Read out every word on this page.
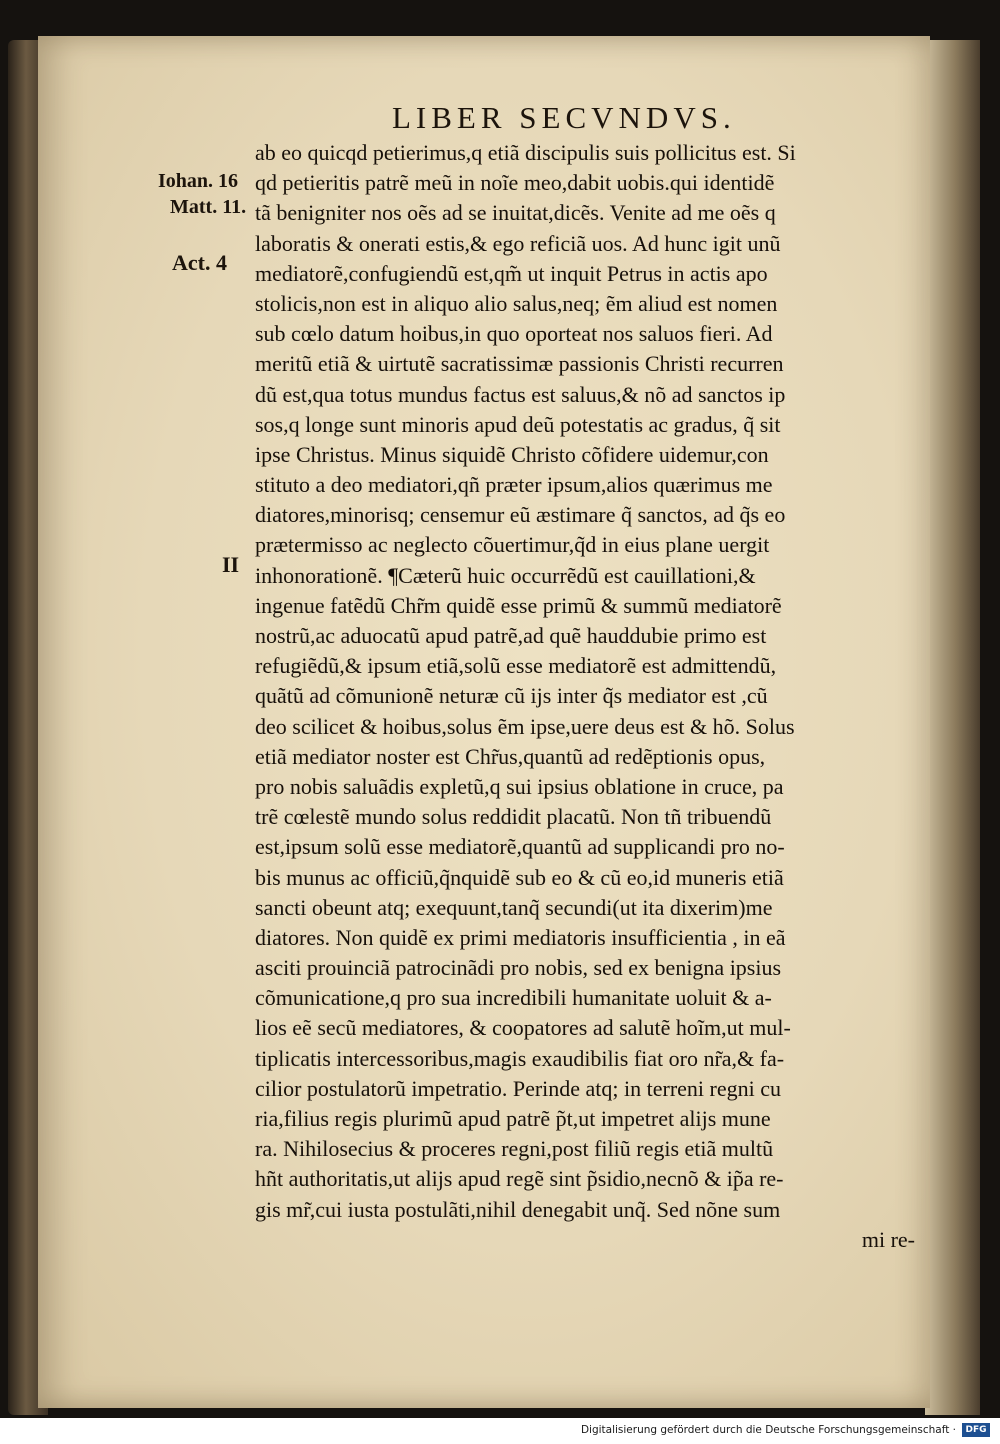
LIBER SECVNDVS.
Iohan. 16
Matt. 11.
Act. 4
II
ab eo quicqd petierimus,q etiã discipulis suis pollicitus est. Si
qd petieritis patrẽ meũ in noĩe meo,dabit uobis.qui identidẽ
tã benigniter nos oẽs ad se inuitat,dicẽs. Venite ad me oẽs q
laboratis & onerati estis,& ego reficiã uos. Ad hunc igit unũ
mediatorẽ,confugiendũ est,qm̃ ut inquit Petrus in actis apo
stolicis,non est in aliquo alio salus,neq; ẽm aliud est nomen
sub cœlo datum hoibus,in quo oporteat nos saluos fieri. Ad
meritũ etiã & uirtutẽ sacratissimæ passionis Christi recurren
dũ est,qua totus mundus factus est saluus,& nõ ad sanctos ip
sos,q longe sunt minoris apud deũ potestatis ac gradus, q̃ sit
ipse Christus. Minus siquidẽ Christo cõfidere uidemur,con
stituto a deo mediatori,qñ præter ipsum,alios quærimus me
diatores,minorisq; censemur eũ æstimare q̃ sanctos, ad q̃s eo
prætermisso ac neglecto cõuertimur,q̃d in eius plane uergit
inhonorationẽ. ¶Cæterũ huic occurrẽdũ est cauillationi,&
ingenue fatẽdũ Chr̃m quidẽ esse primũ & summũ mediatorẽ
nostrũ,ac aduocatũ apud patrẽ,ad quẽ hauddubie primo est
refugiẽdũ,& ipsum etiã,solũ esse mediatorẽ est admittendũ,
quãtũ ad cõmunionẽ neturæ cũ ijs inter q̃s mediator est ,cũ
deo scilicet & hoibus,solus ẽm ipse,uere deus est & hõ. Solus
etiã mediator noster est Chr̃us,quantũ ad redẽptionis opus,
pro nobis saluãdis expletũ,q sui ipsius oblatione in cruce, pa
trẽ cœlestẽ mundo solus reddidit placatũ. Non tñ tribuendũ
est,ipsum solũ esse mediatorẽ,quantũ ad supplicandi pro no-
bis munus ac officiũ,q̃nquidẽ sub eo & cũ eo,id muneris etiã
sancti obeunt atq; exequunt,tanq̃ secundi(ut ita dixerim)me
diatores. Non quidẽ ex primi mediatoris insufficientia , in eã
asciti prouinciã patrocinãdi pro nobis, sed ex benigna ipsius
cõmunicatione,q pro sua incredibili humanitate uoluit & a-
lios eẽ secũ mediatores, & coopatores ad salutẽ hoĩm,ut mul-
tiplicatis intercessoribus,magis exaudibilis fiat oro nr̃a,& fa-
cilior postulatorũ impetratio. Perinde atq; in terreni regni cu
ria,filius regis plurimũ apud patrẽ p̃t,ut impetret alijs mune
ra. Nihilosecius & proceres regni,post filiũ regis etiã multũ
hñt authoritatis,ut alijs apud regẽ sint p̃sidio,necnõ & ip̃a re-
gis mr̃,cui iusta postulãti,nihil denegabit unq̃. Sed nõne sum
mi re-
Digitalisierung gefördert durch die Deutsche Forschungsgemeinschaft ·	DFG
